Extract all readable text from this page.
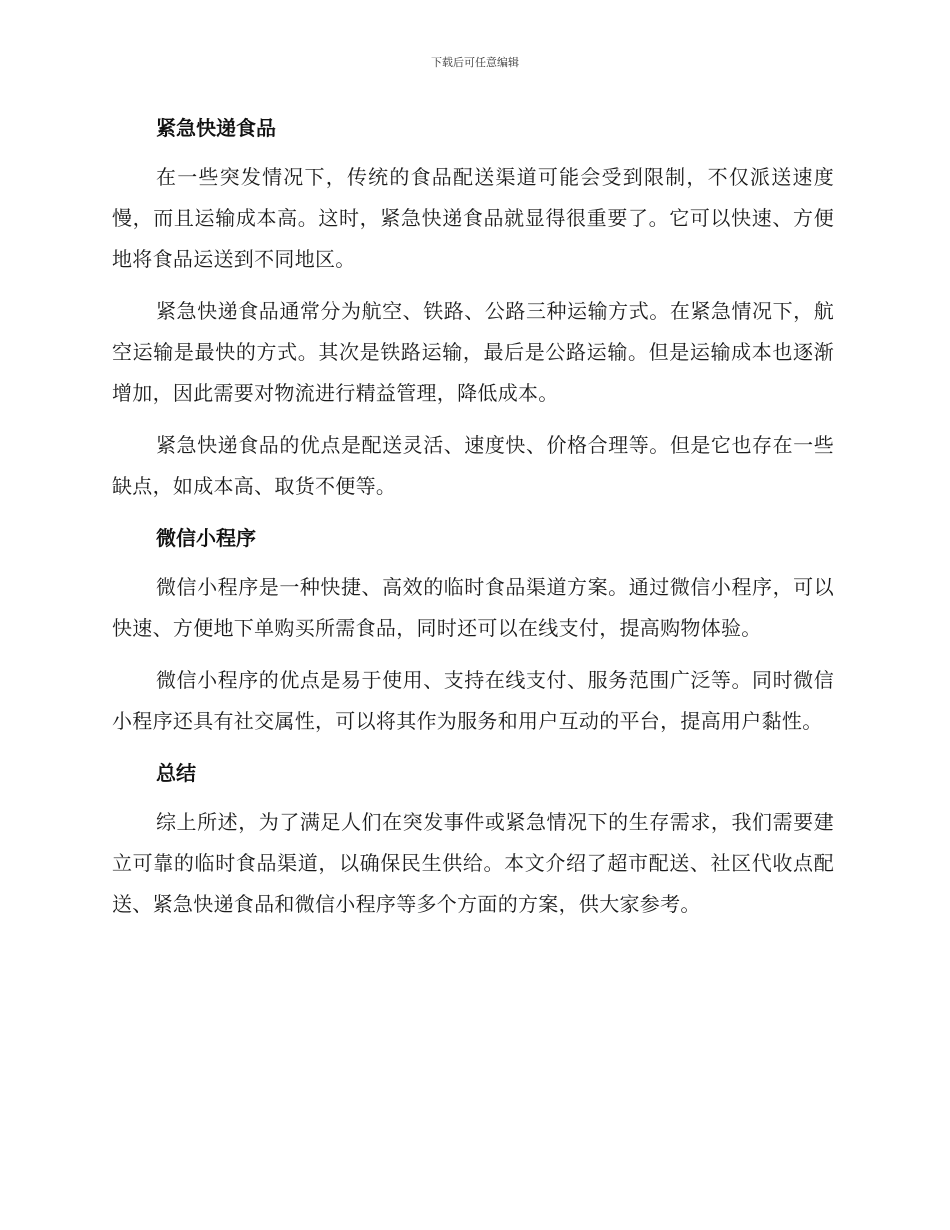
下载后可任意编辑
紧急快递食品

在一些突发情况下，传统的食品配送渠道可能会受到限制，不仅派送速度慢，而且运输成本高。这时，紧急快递食品就显得很重要了。它可以快速、方便地将食品运送到不同地区。

紧急快递食品通常分为航空、铁路、公路三种运输方式。在紧急情况下，航空运输是最快的方式。其次是铁路运输，最后是公路运输。但是运输成本也逐渐增加，因此需要对物流进行精益管理，降低成本。

紧急快递食品的优点是配送灵活、速度快、价格合理等。但是它也存在一些缺点，如成本高、取货不便等。

微信小程序

微信小程序是一种快捷、高效的临时食品渠道方案。通过微信小程序，可以快速、方便地下单购买所需食品，同时还可以在线支付，提高购物体验。

微信小程序的优点是易于使用、支持在线支付、服务范围广泛等。同时微信小程序还具有社交属性，可以将其作为服务和用户互动的平台，提高用户黏性。

总结

综上所述，为了满足人们在突发事件或紧急情况下的生存需求，我们需要建立可靠的临时食品渠道，以确保民生供给。本文介绍了超市配送、社区代收点配送、紧急快递食品和微信小程序等多个方面的方案，供大家参考。
